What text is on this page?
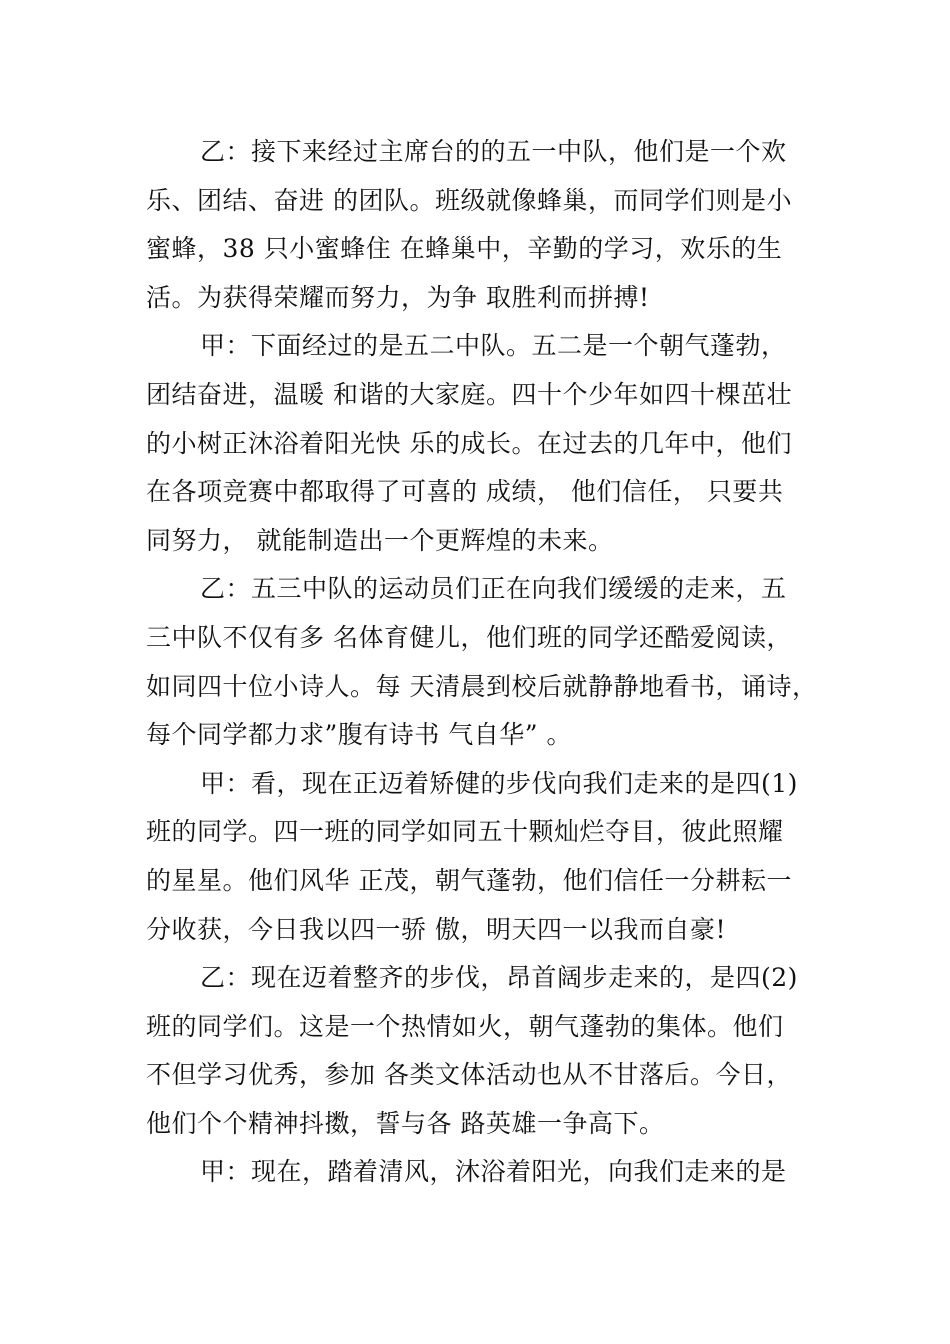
乙：接下来经过主席台的的五一中队，他们是一个欢
乐、团结、奋进 的团队。班级就像蜂巢，而同学们则是小
蜜蜂，38 只小蜜蜂住 在蜂巢中，辛勤的学习，欢乐的生
活。为获得荣耀而努力，为争 取胜利而拼搏!
甲：下面经过的是五二中队。五二是一个朝气蓬勃，
团结奋进，温暖 和谐的大家庭。四十个少年如四十棵茁壮
的小树正沐浴着阳光快 乐的成长。在过去的几年中，他们
在各项竞赛中都取得了可喜的 成绩， 他们信任， 只要共
同努力， 就能制造出一个更辉煌的未来。
乙：五三中队的运动员们正在向我们缓缓的走来，五
三中队不仅有多 名体育健儿，他们班的同学还酷爱阅读，
如同四十位小诗人。每 天清晨到校后就静静地看书，诵诗，
每个同学都力求”腹有诗书 气自华” 。
甲：看，现在正迈着矫健的步伐向我们走来的是四(1)
班的同学。四一班的同学如同五十颗灿烂夺目，彼此照耀
的星星。他们风华 正茂，朝气蓬勃，他们信任一分耕耘一
分收获，今日我以四一骄 傲，明天四一以我而自豪!
乙：现在迈着整齐的步伐，昂首阔步走来的，是四(2)
班的同学们。这是一个热情如火，朝气蓬勃的集体。他们
不但学习优秀，参加 各类文体活动也从不甘落后。今日，
他们个个精神抖擞，誓与各 路英雄一争高下。
甲：现在，踏着清风，沐浴着阳光，向我们走来的是
